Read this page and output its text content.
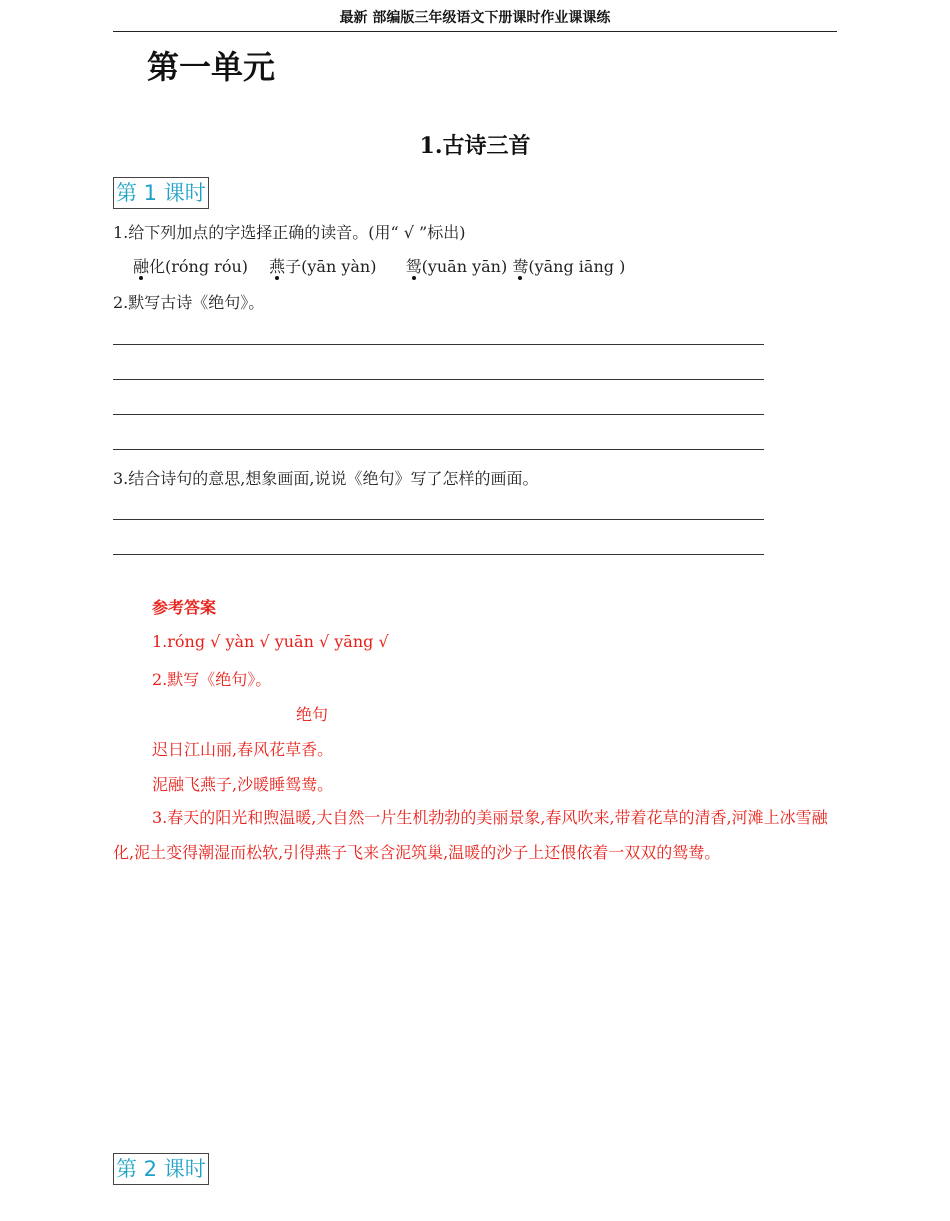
最新 部编版三年级语文下册课时作业课课练
第一单元
1.古诗三首
第 1 课时
1.给下列加点的字选择正确的读音。(用“ √ ”标出)
融化(róng róu) 燕子(yān yàn) 鸳(yuān yān) 鸯(yāng iāng )
2.默写古诗《绝句》。
3.结合诗句的意思,想象画面,说说《绝句》写了怎样的画面。
参考答案
1.róng √ yàn √ yuān √ yāng √
2.默写《绝句》。
绝句
迟日江山丽,春风花草香。
泥融飞燕子,沙暖睡鸳鸯。
3.春天的阳光和煦温暖,大自然一片生机勃勃的美丽景象,春风吹来,带着花草的清香,河滩上冰雪融化,泥土变得潮湿而松软,引得燕子飞来含泥筑巢,温暖的沙子上还偎依着一双双的鸳鸯。
第 2 课时
